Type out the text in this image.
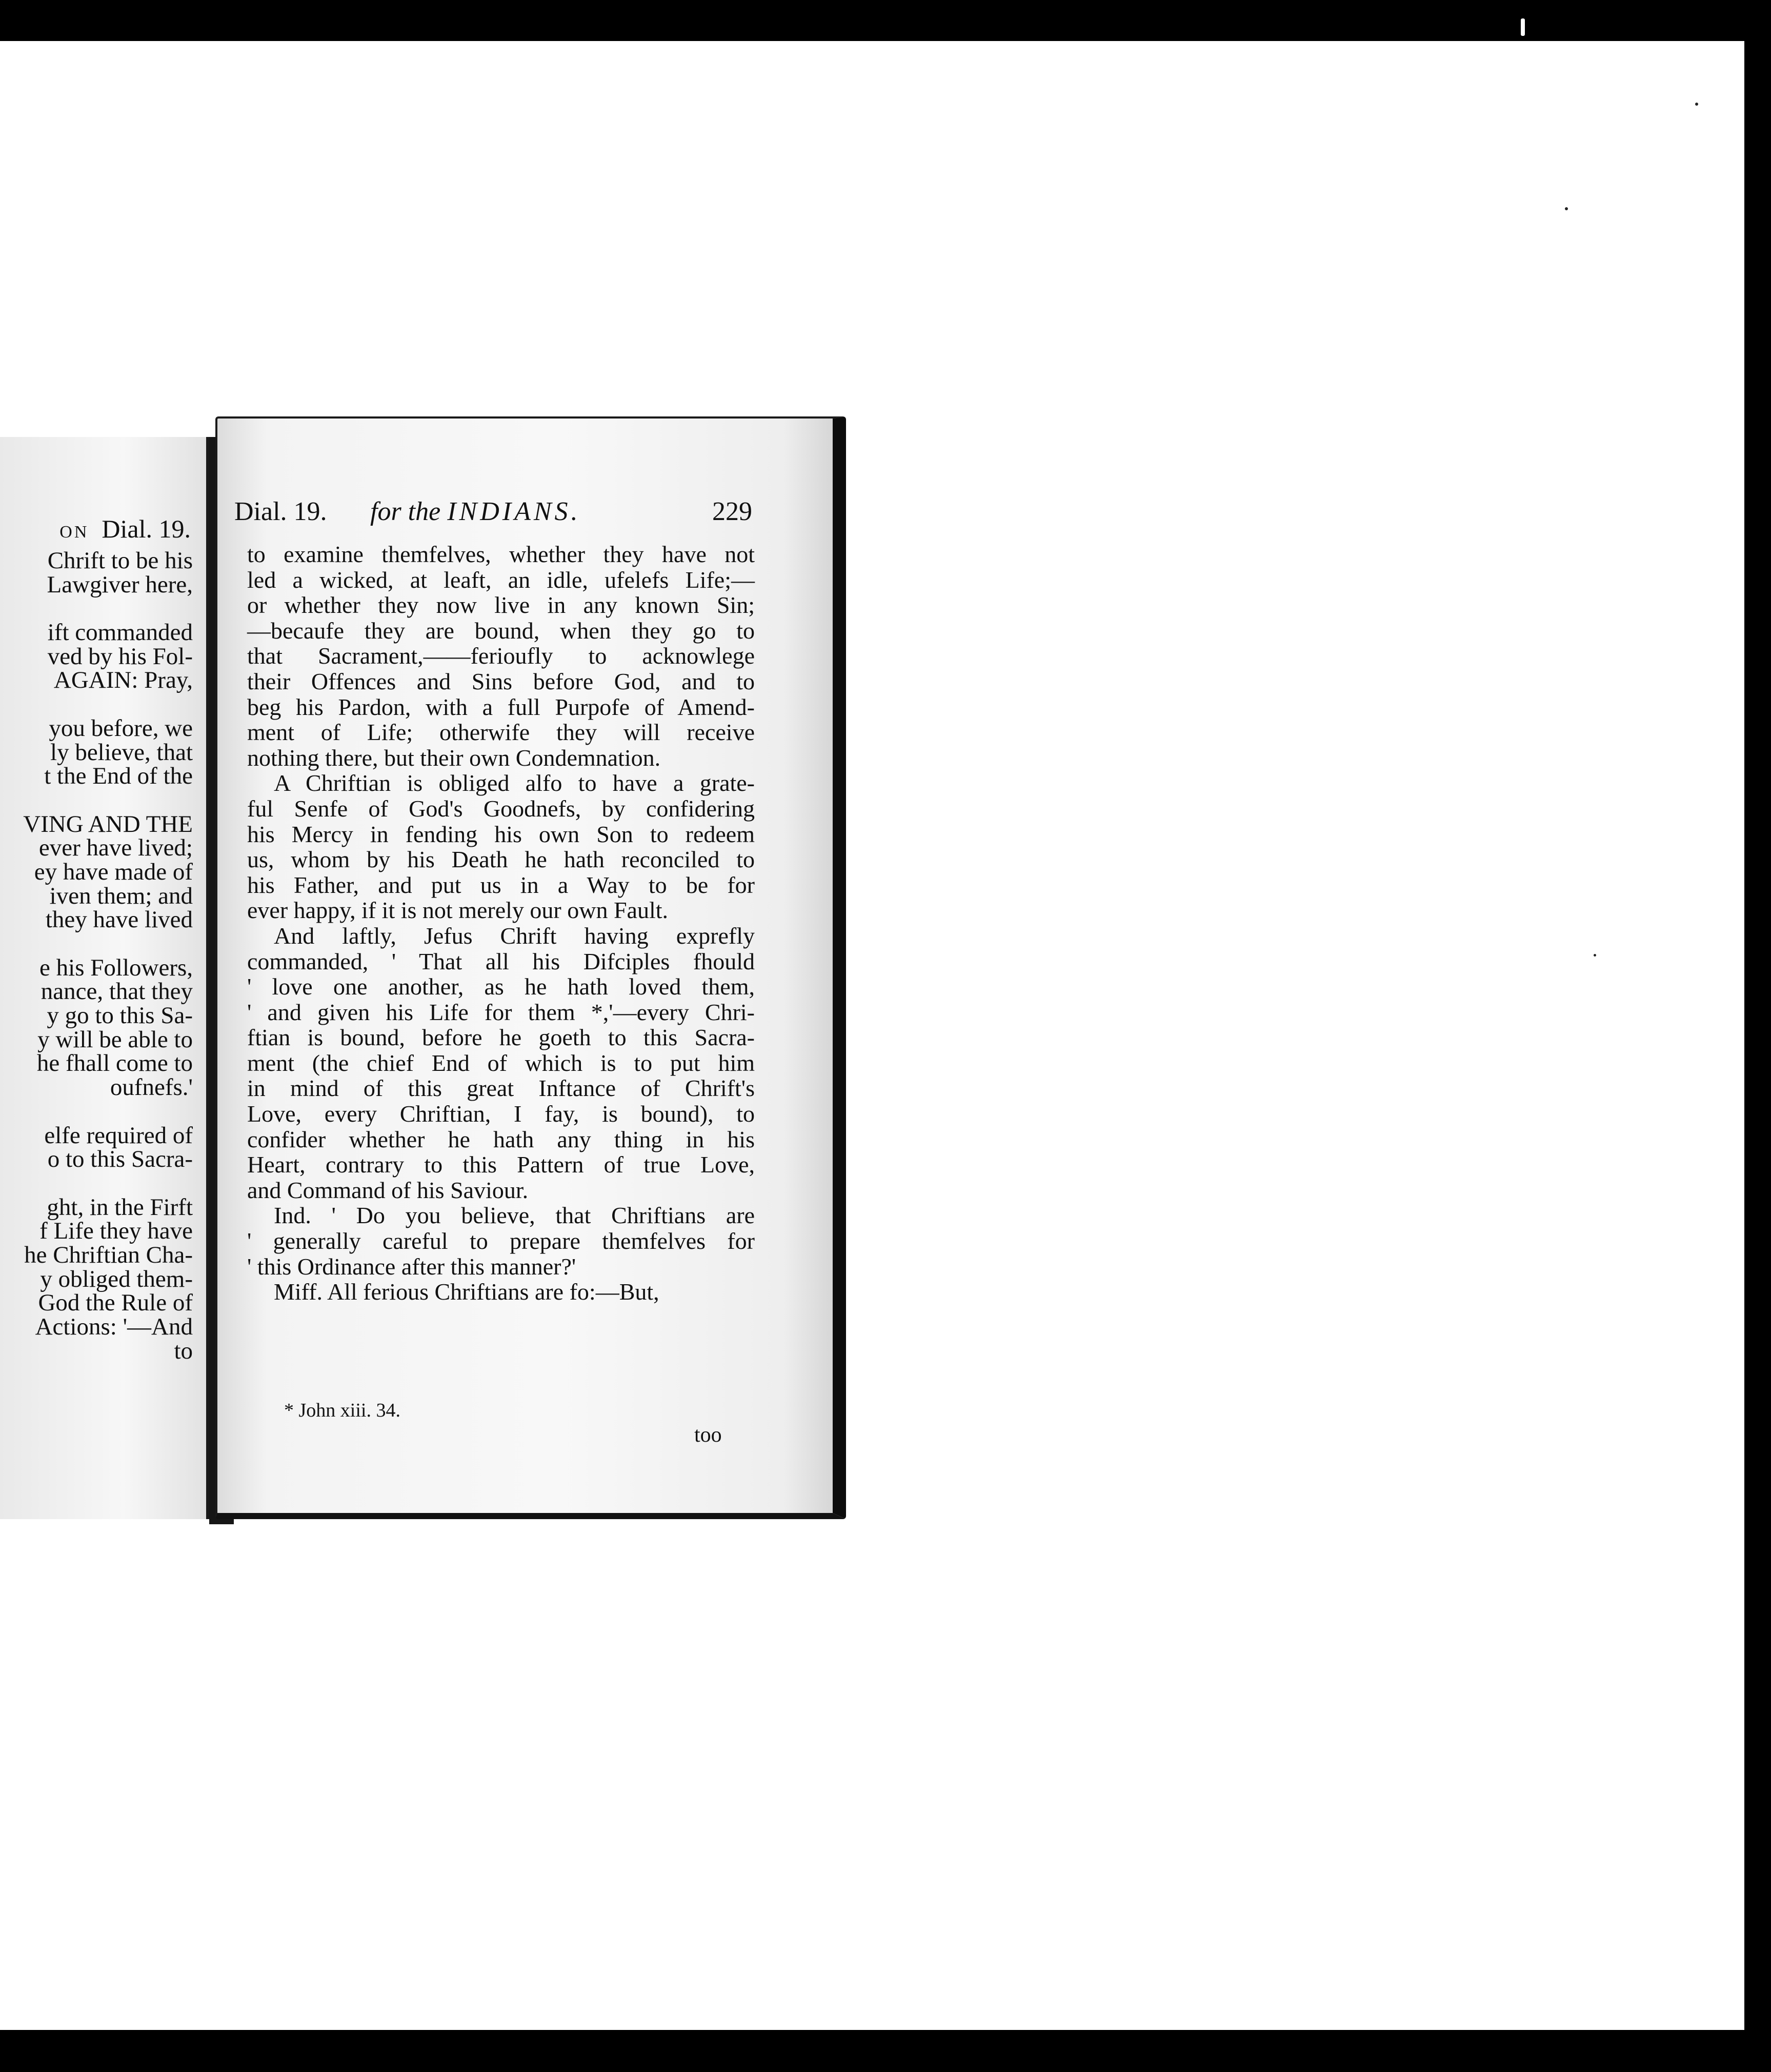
ON Dial. 19.
Chrift to be his
Lawgiver here,
ift commanded
ved by his Fol-
AGAIN: Pray,
you before, we
ly believe, that
t the End of the
VING AND THE
ever have lived;
ey have made of
iven them; and
they have lived
e his Followers,
nance, that they
y go to this Sa-
y will be able to
he fhall come to
oufnefs.'
elfe required of
o to this Sacra-
ght, in the Firft
f Life they have
he Chriftian Cha-
y obliged them-
God the Rule of
Actions: '—And
to
Dial. 19. for the INDIANS.	229
to examine themfelves, whether they have not
led a wicked, at leaft, an idle, ufelefs Life;—
or whether they now live in any known Sin;
—becaufe they are bound, when they go to
that Sacrament,——ferioufly to acknowlege
their Offences and Sins before God, and to
beg his Pardon, with a full Purpofe of Amend-
ment of Life; otherwife they will receive
nothing there, but their own Condemnation.
A Chriftian is obliged alfo to have a grate-
ful Senfe of God's Goodnefs, by confidering
his Mercy in fending his own Son to redeem
us, whom by his Death he hath reconciled to
his Father, and put us in a Way to be for
ever happy, if it is not merely our own Fault.
And laftly, Jefus Chrift having exprefly
commanded, ' That all his Difciples fhould
' love one another, as he hath loved them,
' and given his Life for them *,'—every Chri-
ftian is bound, before he goeth to this Sacra-
ment (the chief End of which is to put him
in mind of this great Inftance of Chrift's
Love, every Chriftian, I fay, is bound), to
confider whether he hath any thing in his
Heart, contrary to this Pattern of true Love,
and Command of his Saviour.
Ind. ' Do you believe, that Chriftians are
' generally careful to prepare themfelves for
' this Ordinance after this manner?'
Miff. All ferious Chriftians are fo:—But,
* John xiii. 34.
too
